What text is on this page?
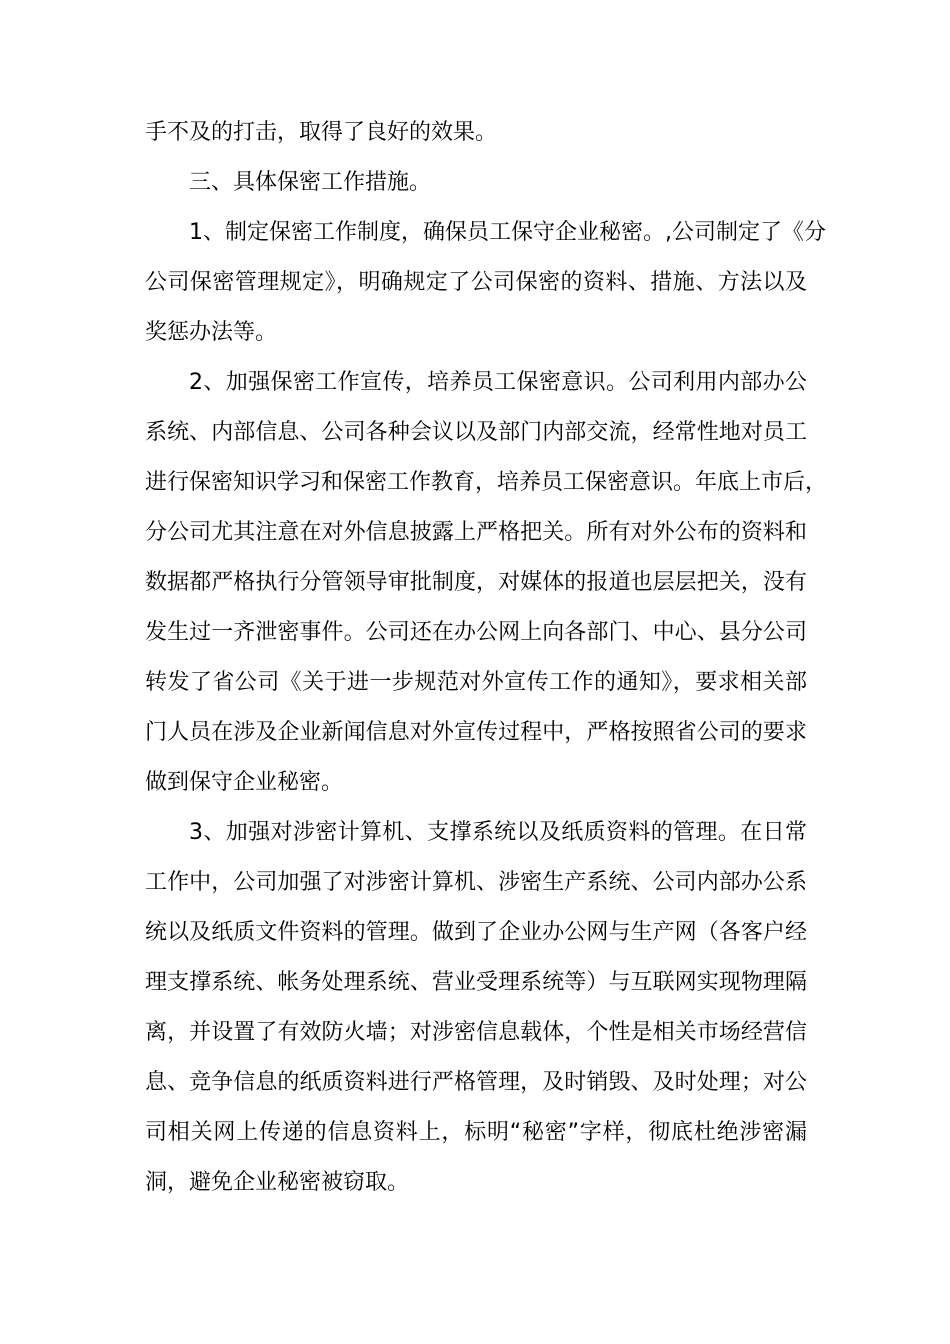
手不及的打击，取得了良好的效果。
三、具体保密工作措施。
1、制定保密工作制度，确保员工保守企业秘密。,公司制定了《分
公司保密管理规定》，明确规定了公司保密的资料、措施、方法以及
奖惩办法等。
2、加强保密工作宣传，培养员工保密意识。公司利用内部办公
系统、内部信息、公司各种会议以及部门内部交流，经常性地对员工
进行保密知识学习和保密工作教育，培养员工保密意识。年底上市后，
分公司尤其注意在对外信息披露上严格把关。所有对外公布的资料和
数据都严格执行分管领导审批制度，对媒体的报道也层层把关，没有
发生过一齐泄密事件。公司还在办公网上向各部门、中心、县分公司
转发了省公司《关于进一步规范对外宣传工作的通知》，要求相关部
门人员在涉及企业新闻信息对外宣传过程中，严格按照省公司的要求
做到保守企业秘密。
3、加强对涉密计算机、支撑系统以及纸质资料的管理。在日常
工作中，公司加强了对涉密计算机、涉密生产系统、公司内部办公系
统以及纸质文件资料的管理。做到了企业办公网与生产网（各客户经
理支撑系统、帐务处理系统、营业受理系统等）与互联网实现物理隔
离，并设置了有效防火墙；对涉密信息载体，个性是相关市场经营信
息、竞争信息的纸质资料进行严格管理，及时销毁、及时处理；对公
司相关网上传递的信息资料上，标明“秘密”字样，彻底杜绝涉密漏
洞，避免企业秘密被窃取。
